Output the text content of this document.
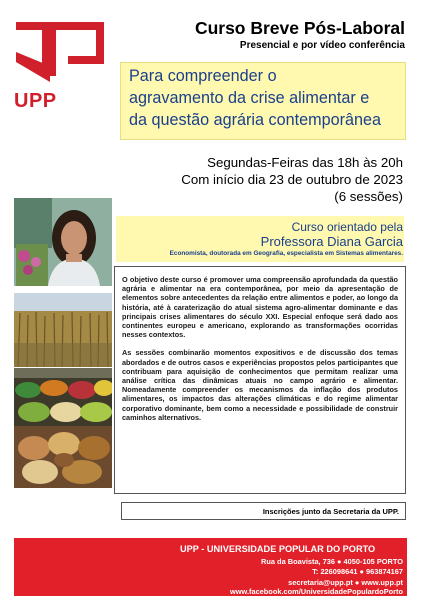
UPP
Curso Breve Pós-Laboral
Presencial e por vídeo conferência
Para compreender o
agravamento da crise alimentar e
da questão agrária contemporânea
Segundas-Feiras das 18h às 20h
Com início dia 23 de outubro de 2023
(6 sessões)
Curso orientado pela
Professora Diana Garcia
Economista, doutorada em Geografia, especialista em Sistemas alimentares.

O objetivo deste curso é promover uma compreensão aprofundada da questão agrária e alimentar na era contemporânea, por meio da apresentação de elementos sobre antecedentes da relação entre alimentos e poder, ao longo da história, até à caraterização do atual sistema agro-alimentar dominante e das principais crises alimentares do século XXI. Especial enfoque será dado aos continentes europeu e americano, explorando as transformações ocorridas nesses contextos.

As sessões combinarão momentos expositivos e de discussão dos temas abordados e de outros casos e experiências propostos pelos participantes que contribuam para aquisição de conhecimentos que permitam realizar uma análise crítica das dinâmicas atuais no campo agrário e alimentar. Nomeadamente compreender os mecanismos da inflação dos produtos alimentares, os impactos das alterações climáticas e do regime alimentar corporativo dominante, bem como a necessidade e possibilidade de construir caminhos alternativos.

Inscrições junto da Secretaria da UPP.
UPP - UNIVERSIDADE POPULAR DO PORTO
Rua da Boavista, 736 ● 4050-105 PORTO
T: 226098641 ● 963874167
secretaria@upp.pt ● www.upp.pt
www.facebook.com/UniversidadePopulardoPorto
